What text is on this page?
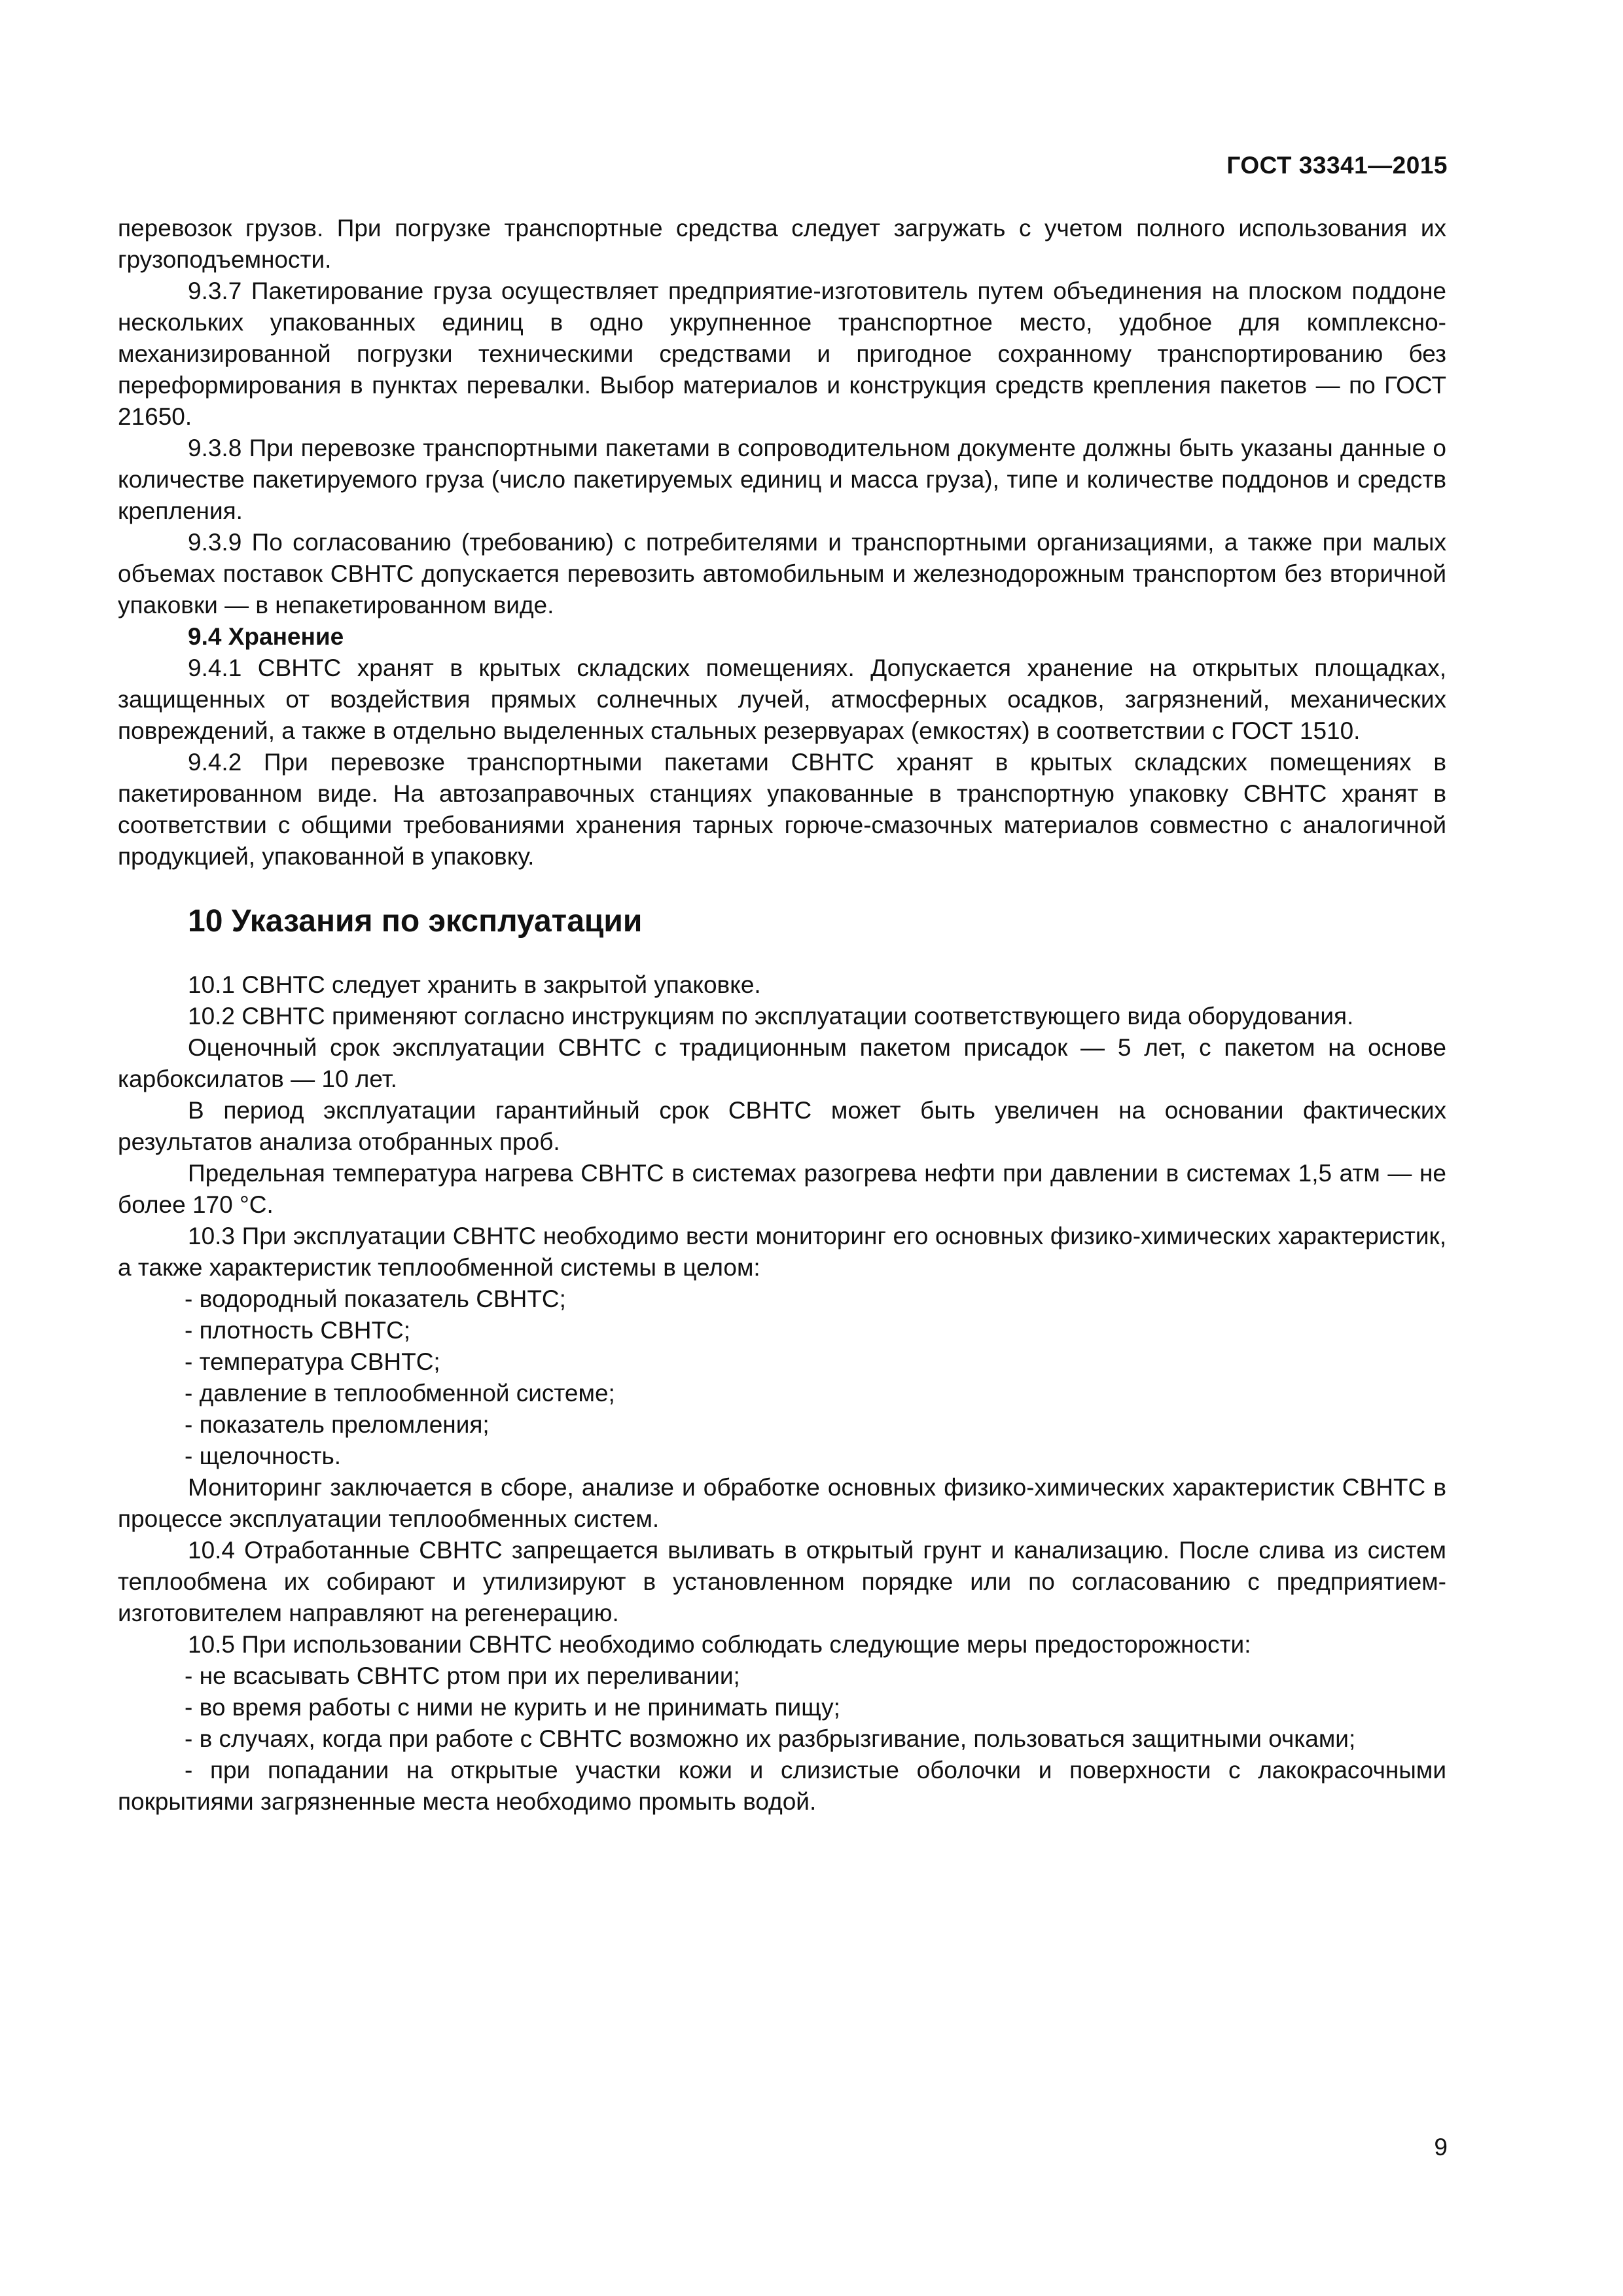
ГОСТ 33341—2015

перевозок грузов. При погрузке транспортные средства следует загружать с учетом полного использования их грузоподъемности.

9.3.7 Пакетирование груза осуществляет предприятие-изготовитель путем объединения на плоском поддоне нескольких упакованных единиц в одно укрупненное транспортное место, удобное для комплексно-механизированной погрузки техническими средствами и пригодное сохранному транспортированию без переформирования в пунктах перевалки. Выбор материалов и конструкция средств крепления пакетов — по ГОСТ 21650.

9.3.8 При перевозке транспортными пакетами в сопроводительном документе должны быть указаны данные о количестве пакетируемого груза (число пакетируемых единиц и масса груза), типе и количестве поддонов и средств крепления.

9.3.9 По согласованию (требованию) с потребителями и транспортными организациями, а также при малых объемах поставок СВНТС допускается перевозить автомобильным и железнодорожным транспортом без вторичной упаковки — в непакетированном виде.

9.4 Хранение

9.4.1 СВНТС хранят в крытых складских помещениях. Допускается хранение на открытых площадках, защищенных от воздействия прямых солнечных лучей, атмосферных осадков, загрязнений, механических повреждений, а также в отдельно выделенных стальных резервуарах (емкостях) в соответствии с ГОСТ 1510.

9.4.2 При перевозке транспортными пакетами СВНТС хранят в крытых складских помещениях в пакетированном виде. На автозаправочных станциях упакованные в транспортную упаковку СВНТС хранят в соответствии с общими требованиями хранения тарных горюче-смазочных материалов совместно с аналогичной продукцией, упакованной в упаковку.

10 Указания по эксплуатации

10.1 СВНТС следует хранить в закрытой упаковке.

10.2 СВНТС применяют согласно инструкциям по эксплуатации соответствующего вида оборудования.

Оценочный срок эксплуатации СВНТС с традиционным пакетом присадок — 5 лет, с пакетом на основе карбоксилатов — 10 лет.

В период эксплуатации гарантийный срок СВНТС может быть увеличен на основании фактических результатов анализа отобранных проб.

Предельная температура нагрева СВНТС в системах разогрева нефти при давлении в системах 1,5 атм — не более 170 °С.

10.3 При эксплуатации СВНТС необходимо вести мониторинг его основных физико-химических характеристик, а также характеристик теплообменной системы в целом:

- водородный показатель СВНТС;

- плотность СВНТС;

- температура СВНТС;

- давление в теплообменной системе;

- показатель преломления;

- щелочность.

Мониторинг заключается в сборе, анализе и обработке основных физико-химических характеристик СВНТС в процессе эксплуатации теплообменных систем.

10.4 Отработанные СВНТС запрещается выливать в открытый грунт и канализацию. После слива из систем теплообмена их собирают и утилизируют в установленном порядке или по согласованию с предприятием-изготовителем направляют на регенерацию.

10.5 При использовании СВНТС необходимо соблюдать следующие меры предосторожности:

- не всасывать СВНТС ртом при их переливании;

- во время работы с ними не курить и не принимать пищу;

- в случаях, когда при работе с СВНТС возможно их разбрызгивание, пользоваться защитными очками;

- при попадании на открытые участки кожи и слизистые оболочки и поверхности с лакокрасочными покрытиями загрязненные места необходимо промыть водой.

9
